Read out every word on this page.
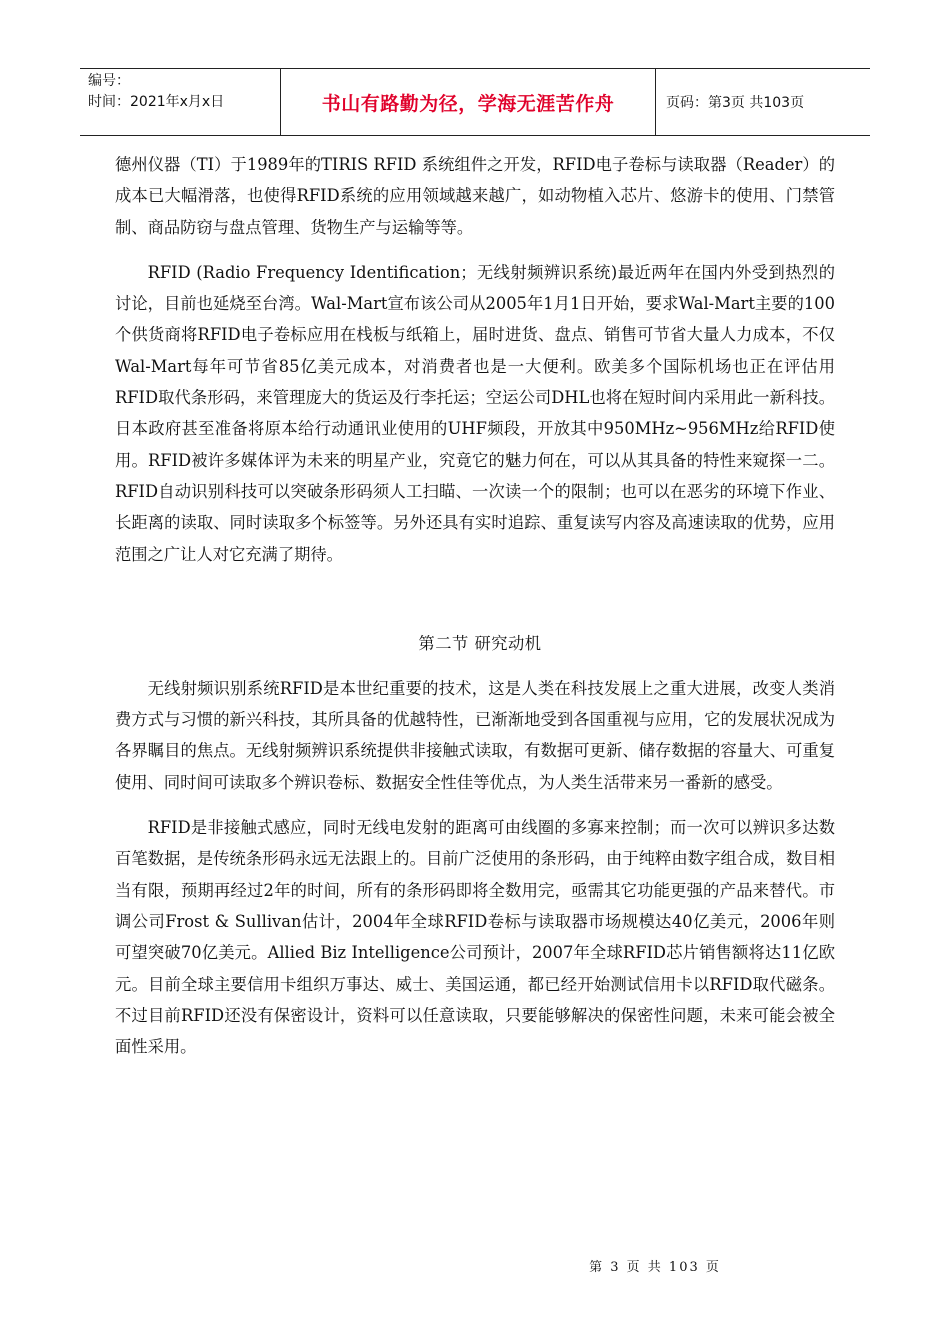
编号：
时间：2021年x月x日	书山有路勤为径，学海无涯苦作舟	页码：第3页 共103页

德州仪器（TI）于1989年的TIRIS RFID 系统组件之开发，RFID电子卷标与读取器（Reader）的成本已大幅滑落，也使得RFID系统的应用领域越来越广，如动物植入芯片、悠游卡的使用、门禁管制、商品防窃与盘点管理、货物生产与运输等等。

RFID (Radio Frequency Identification；无线射频辨识系统)最近两年在国内外受到热烈的讨论，目前也延烧至台湾。Wal-Mart宣布该公司从2005年1月1日开始，要求Wal-Mart主要的100个供货商将RFID电子卷标应用在栈板与纸箱上，届时进货、盘点、销售可节省大量人力成本，不仅Wal-Mart每年可节省85亿美元成本，对消费者也是一大便利。欧美多个国际机场也正在评估用RFID取代条形码，来管理庞大的货运及行李托运；空运公司DHL也将在短时间内采用此一新科技。日本政府甚至准备将原本给行动通讯业使用的UHF频段，开放其中950MHz~956MHz给RFID使用。RFID被许多媒体评为未来的明星产业，究竟它的魅力何在，可以从其具备的特性来窥探一二。RFID自动识别科技可以突破条形码须人工扫瞄、一次读一个的限制；也可以在恶劣的环境下作业、长距离的读取、同时读取多个标签等。另外还具有实时追踪、重复读写内容及高速读取的优势，应用范围之广让人对它充满了期待。

第二节 研究动机

无线射频识别系统RFID是本世纪重要的技术，这是人类在科技发展上之重大进展，改变人类消费方式与习惯的新兴科技，其所具备的优越特性，已渐渐地受到各国重视与应用，它的发展状况成为各界瞩目的焦点。无线射频辨识系统提供非接触式读取，有数据可更新、储存数据的容量大、可重复使用、同时间可读取多个辨识卷标、数据安全性佳等优点，为人类生活带来另一番新的感受。

RFID是非接触式感应，同时无线电发射的距离可由线圈的多寡来控制；而一次可以辨识多达数百笔数据，是传统条形码永远无法跟上的。目前广泛使用的条形码，由于纯粹由数字组合成，数目相当有限，预期再经过2年的时间，所有的条形码即将全数用完，亟需其它功能更强的产品来替代。市调公司Frost & Sullivan估计，2004年全球RFID卷标与读取器市场规模达40亿美元，2006年则可望突破70亿美元。Allied Biz Intelligence公司预计，2007年全球RFID芯片销售额将达11亿欧元。目前全球主要信用卡组织万事达、威士、美国运通，都已经开始测试信用卡以RFID取代磁条。不过目前RFID还没有保密设计，资料可以任意读取，只要能够解决的保密性问题，未来可能会被全面性采用。

第 3 页 共 103 页
